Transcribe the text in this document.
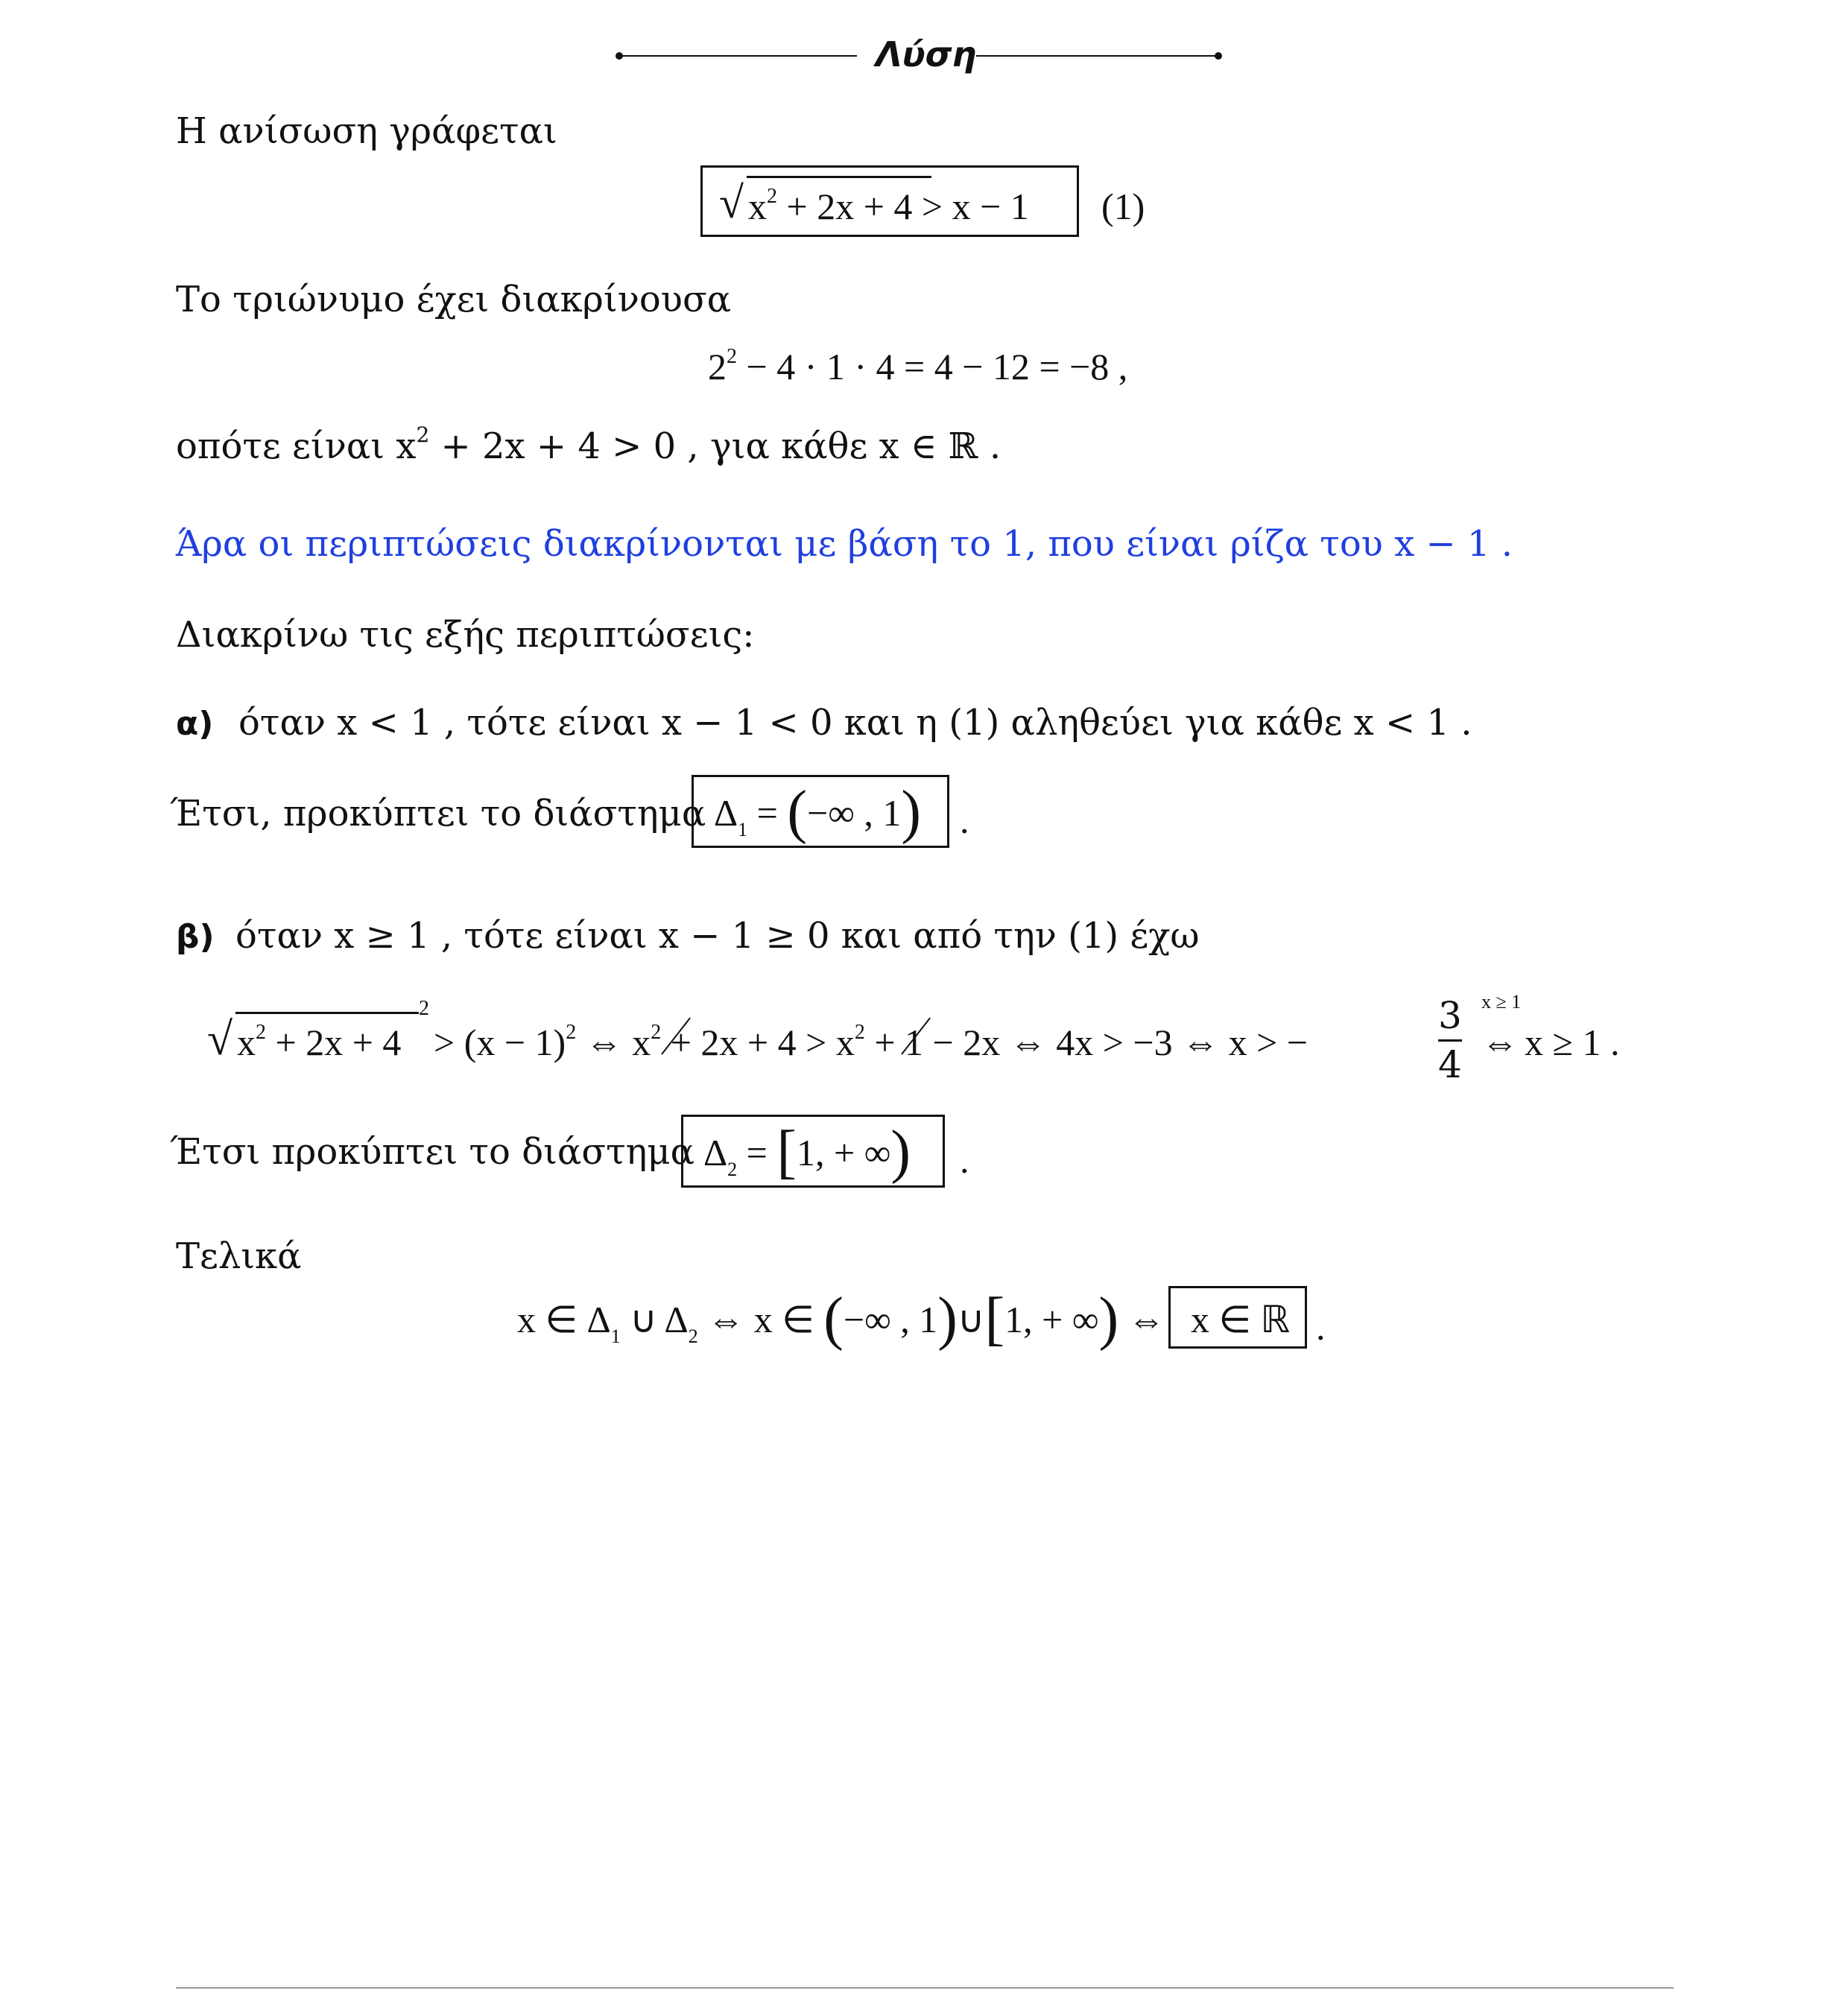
Λύση
Η ανίσωση γράφεται
√ $x^2 + 2x + 4 > x - 1$ (1)
Το τριώνυμο έχει διακρίνουσα
$2^2 - 4 \cdot 1 \cdot 4 = 4 - 12 = -8$ ,
οπότε είναι $x^2 + 2x + 4 > 0$ , για κάθε x ∈ ℝ .
Άρα οι περιπτώσεις διακρίνονται με βάση το 1, που είναι ρίζα του x − 1 .
Διακρίνω τις εξής περιπτώσεις:
α) όταν x < 1 , τότε είναι x − 1 < 0 και η (1) αληθεύει για κάθε x < 1 .
Έτσι, προκύπτει το διάστημα $\Delta_1$ = (−∞ , 1) .
β) όταν x ≥ 1 , τότε είναι x − 1 ≥ 0 και από την (1) έχω
√ $x^2 + 2x + 4$
2
> $(x - 1)^2$ ⇔ $x^2 + 2x + 4 > x^2 + 1 - 2x$ ⇔ 4x > −3 ⇔ x > −
3
4
x ≥ 1
⇔ x ≥ 1 .
Έτσι προκύπτει το διάστημα $\Delta_2 = [1$, + ∞) .
Τελικά
x ∈ $\Delta_1$ ∪ $\Delta_2$ ⇔ x ∈ (−∞ , 1)∪[1, + ∞) ⇔ x ∈ ℝ .
